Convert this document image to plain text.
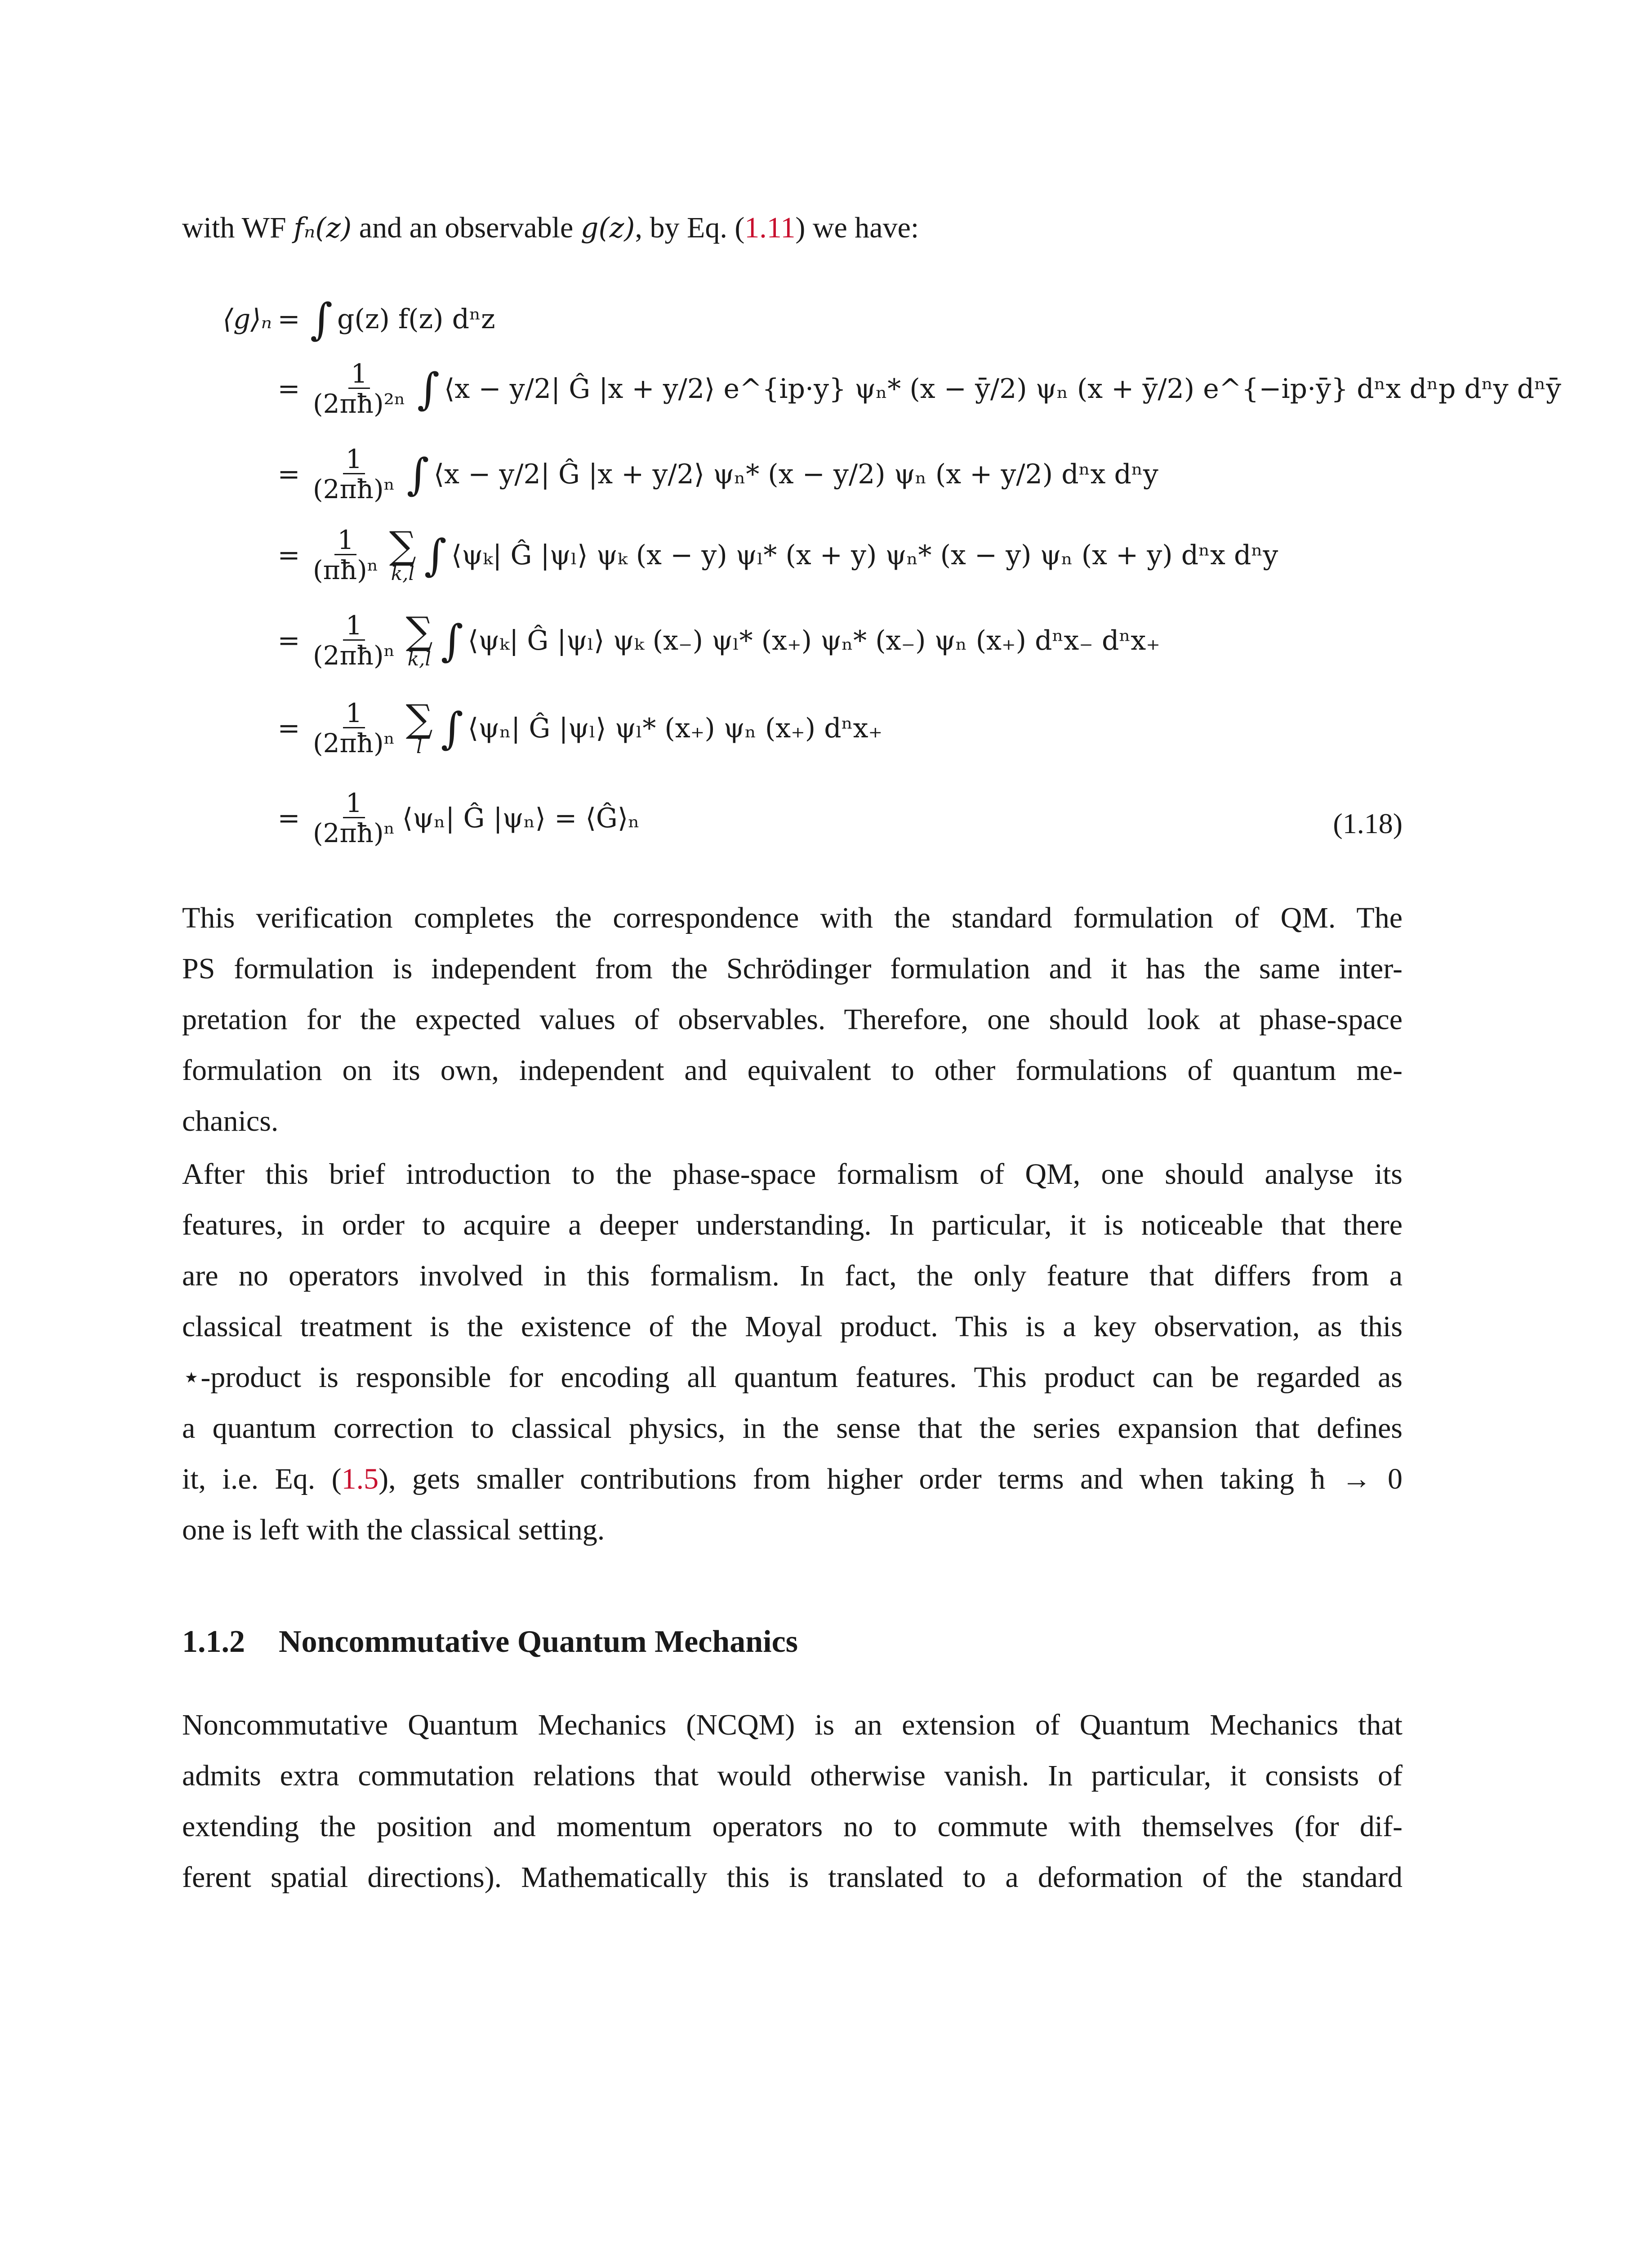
with WF fₙ(z) and an observable g(z), by Eq. (1.11) we have:
⟨g⟩ₙ = ∫ g(z) f(z) dⁿz
= $\frac{1}{\text{(2πħ)²ⁿ}}$ ∫ ⟨x − y/2| Ĝ |x + y/2⟩ e^{ip·y} ψₙ* (x − ȳ/2) ψₙ (x + ȳ/2) e^{−ip·ȳ} dⁿx dⁿp dⁿy dⁿȳ
= $\frac{1}{\text{(2πħ)ⁿ}}$ ∫ ⟨x − y/2| Ĝ |x + y/2⟩ ψₙ* (x − y/2) ψₙ (x + y/2) dⁿx dⁿy
= $\frac{1}{\text{(πħ)ⁿ}}$ ∑
k,l ∫ ⟨ψₖ| Ĝ |ψₗ⟩ ψₖ (x − y) ψₗ* (x + y) ψₙ* (x − y) ψₙ (x + y) dⁿx dⁿy
= $\frac{1}{\text{(2πħ)ⁿ}}$ ∑
k,l ∫ ⟨ψₖ| Ĝ |ψₗ⟩ ψₖ (x₋) ψₗ* (x₊) ψₙ* (x₋) ψₙ (x₊) dⁿx₋ dⁿx₊
= $\frac{1}{\text{(2πħ)ⁿ}}$ ∑
l ∫ ⟨ψₙ| Ĝ |ψₗ⟩ ψₗ* (x₊) ψₙ (x₊) dⁿx₊
= $\frac{1}{\text{(2πħ)ⁿ}}$ ⟨ψₙ| Ĝ |ψₙ⟩ = ⟨Ĝ⟩ₙ	(1.18)
This verification completes the correspondence with the standard formulation of QM. The
PS formulation is independent from the Schrödinger formulation and it has the same inter-
pretation for the expected values of observables. Therefore, one should look at phase-space
formulation on its own, independent and equivalent to other formulations of quantum me-
chanics.
After this brief introduction to the phase-space formalism of QM, one should analyse its
features, in order to acquire a deeper understanding. In particular, it is noticeable that there
are no operators involved in this formalism. In fact, the only feature that differs from a
classical treatment is the existence of the Moyal product. This is a key observation, as this
⋆-product is responsible for encoding all quantum features. This product can be regarded as
a quantum correction to classical physics, in the sense that the series expansion that defines
it, i.e. Eq. (1.5), gets smaller contributions from higher order terms and when taking ħ → 0
one is left with the classical setting.
1.1.2 Noncommutative Quantum Mechanics
Noncommutative Quantum Mechanics (NCQM) is an extension of Quantum Mechanics that
admits extra commutation relations that would otherwise vanish. In particular, it consists of
extending the position and momentum operators no to commute with themselves (for dif-
ferent spatial directions). Mathematically this is translated to a deformation of the standard
